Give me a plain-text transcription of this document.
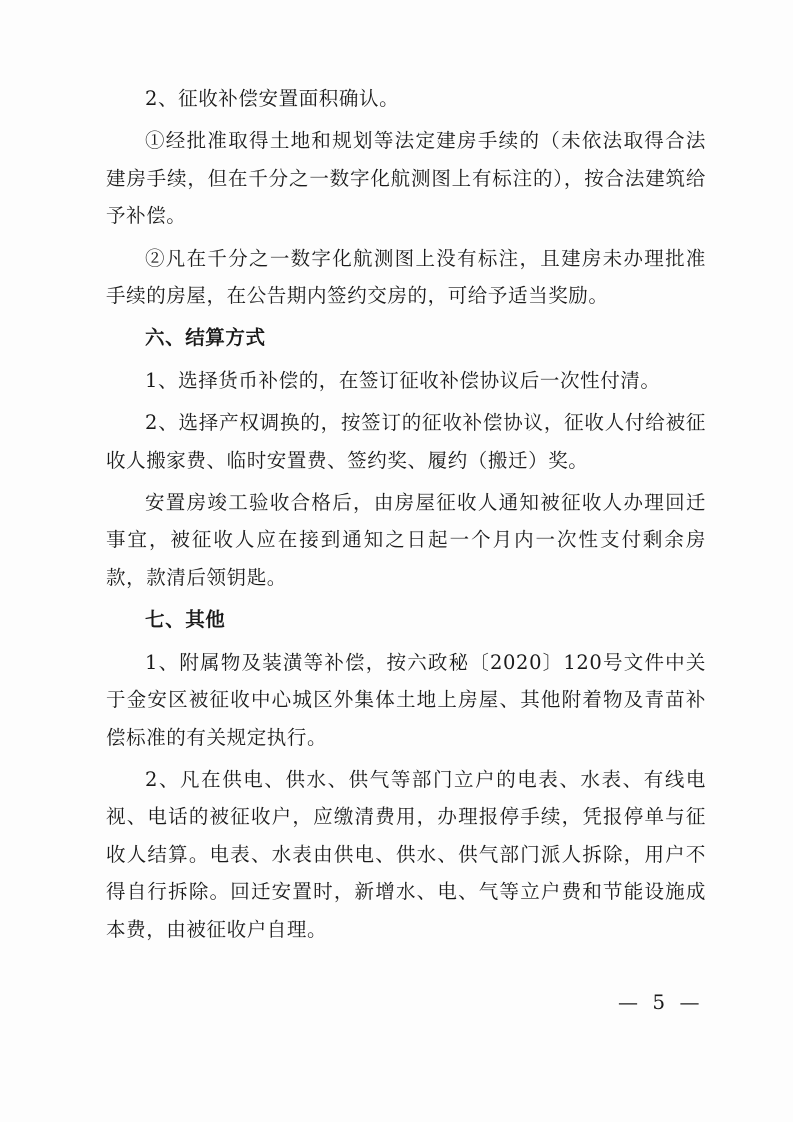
2、征收补偿安置面积确认。

①经批准取得土地和规划等法定建房手续的（未依法取得合法建房手续，但在千分之一数字化航测图上有标注的），按合法建筑给予补偿。

②凡在千分之一数字化航测图上没有标注，且建房未办理批准手续的房屋，在公告期内签约交房的，可给予适当奖励。

六、结算方式

1、选择货币补偿的，在签订征收补偿协议后一次性付清。

2、选择产权调换的，按签订的征收补偿协议，征收人付给被征收人搬家费、临时安置费、签约奖、履约（搬迁）奖。

安置房竣工验收合格后，由房屋征收人通知被征收人办理回迁事宜，被征收人应在接到通知之日起一个月内一次性支付剩余房款，款清后领钥匙。

七、其他

1、附属物及装潢等补偿，按六政秘〔2020〕120号文件中关于金安区被征收中心城区外集体土地上房屋、其他附着物及青苗补偿标准的有关规定执行。

2、凡在供电、供水、供气等部门立户的电表、水表、有线电视、电话的被征收户，应缴清费用，办理报停手续，凭报停单与征收人结算。电表、水表由供电、供水、供气部门派人拆除，用户不得自行拆除。回迁安置时，新增水、电、气等立户费和节能设施成本费，由被征收户自理。

— 5 —
